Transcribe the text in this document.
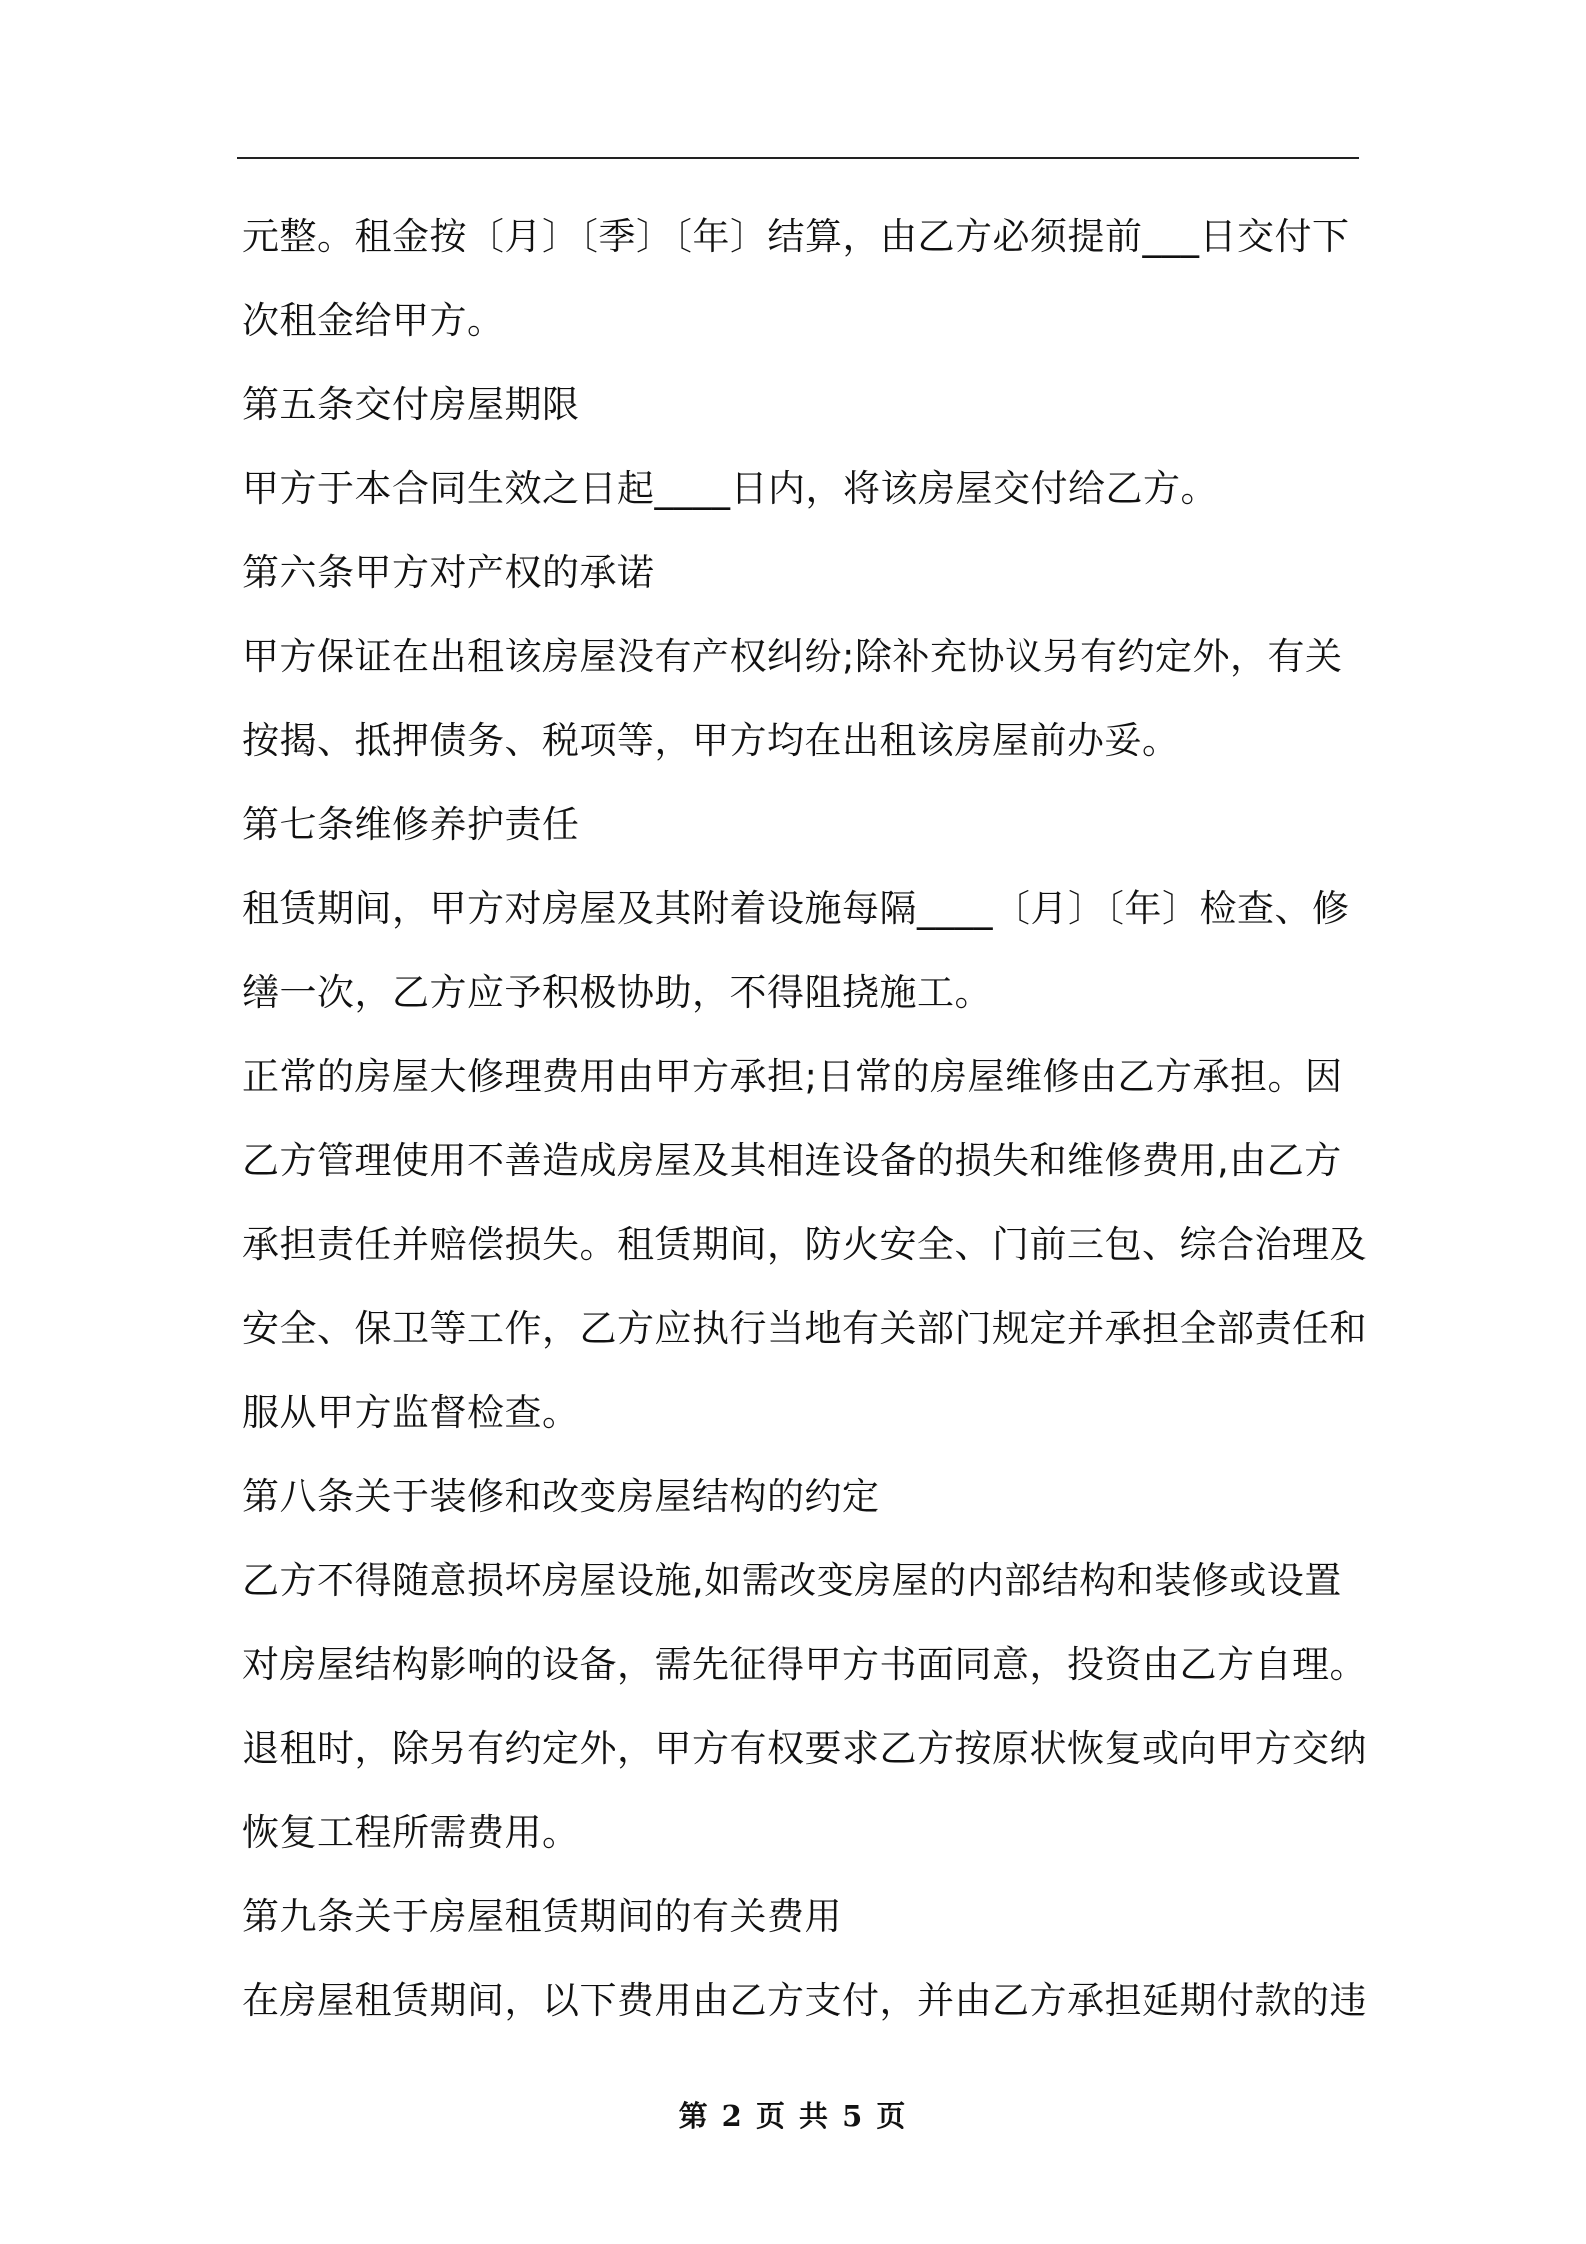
元整。租金按〔月〕〔季〕〔年〕结算，由乙方必须提前___日交付下
次租金给甲方。
第五条交付房屋期限
甲方于本合同生效之日起____日内，将该房屋交付给乙方。
第六条甲方对产权的承诺
甲方保证在出租该房屋没有产权纠纷;除补充协议另有约定外，有关
按揭、抵押债务、税项等，甲方均在出租该房屋前办妥。
第七条维修养护责任
租赁期间，甲方对房屋及其附着设施每隔____〔月〕〔年〕检查、修
缮一次，乙方应予积极协助，不得阻挠施工。
正常的房屋大修理费用由甲方承担;日常的房屋维修由乙方承担。因
乙方管理使用不善造成房屋及其相连设备的损失和维修费用,由乙方
承担责任并赔偿损失。租赁期间，防火安全、门前三包、综合治理及
安全、保卫等工作，乙方应执行当地有关部门规定并承担全部责任和
服从甲方监督检查。
第八条关于装修和改变房屋结构的约定
乙方不得随意损坏房屋设施,如需改变房屋的内部结构和装修或设置
对房屋结构影响的设备，需先征得甲方书面同意，投资由乙方自理。
退租时，除另有约定外，甲方有权要求乙方按原状恢复或向甲方交纳
恢复工程所需费用。
第九条关于房屋租赁期间的有关费用
在房屋租赁期间，以下费用由乙方支付，并由乙方承担延期付款的违
第 2 页 共 5 页
